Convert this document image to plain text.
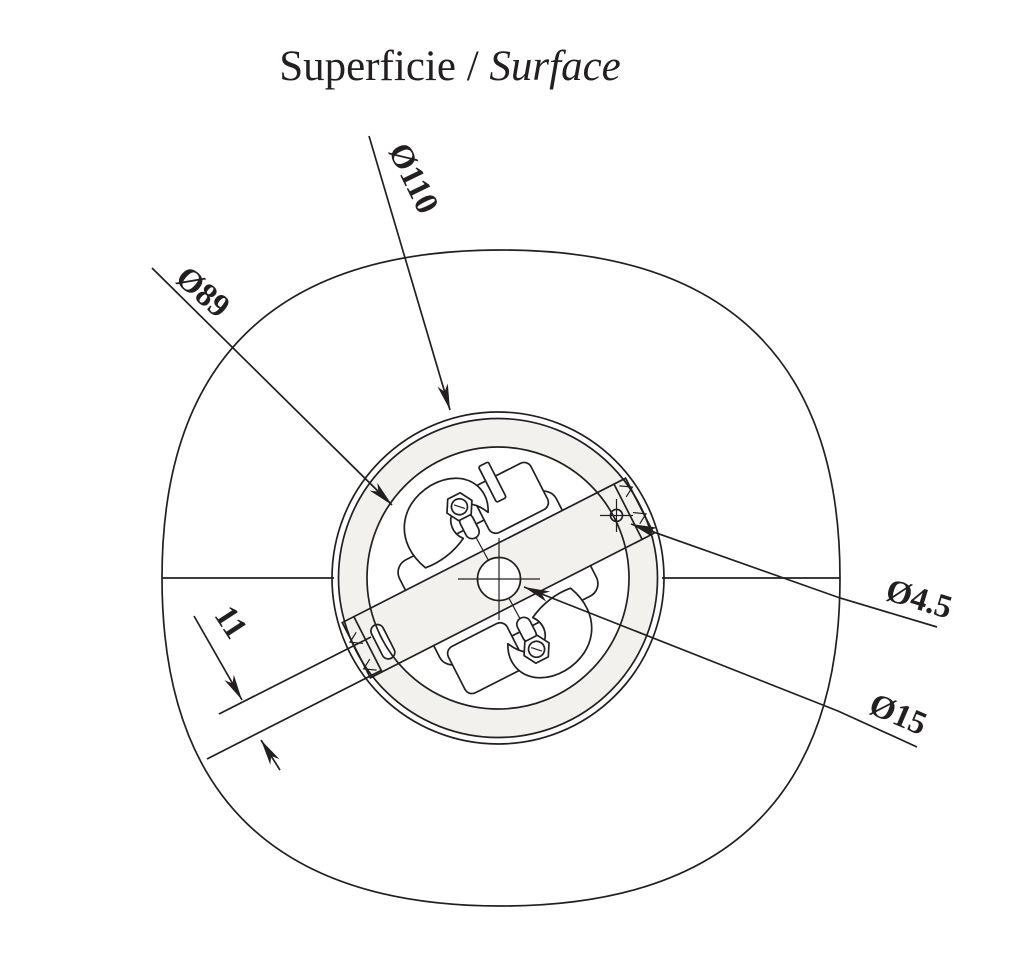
Superficie / Surface
Ø110
Ø89
Ø4.5
Ø15
11
